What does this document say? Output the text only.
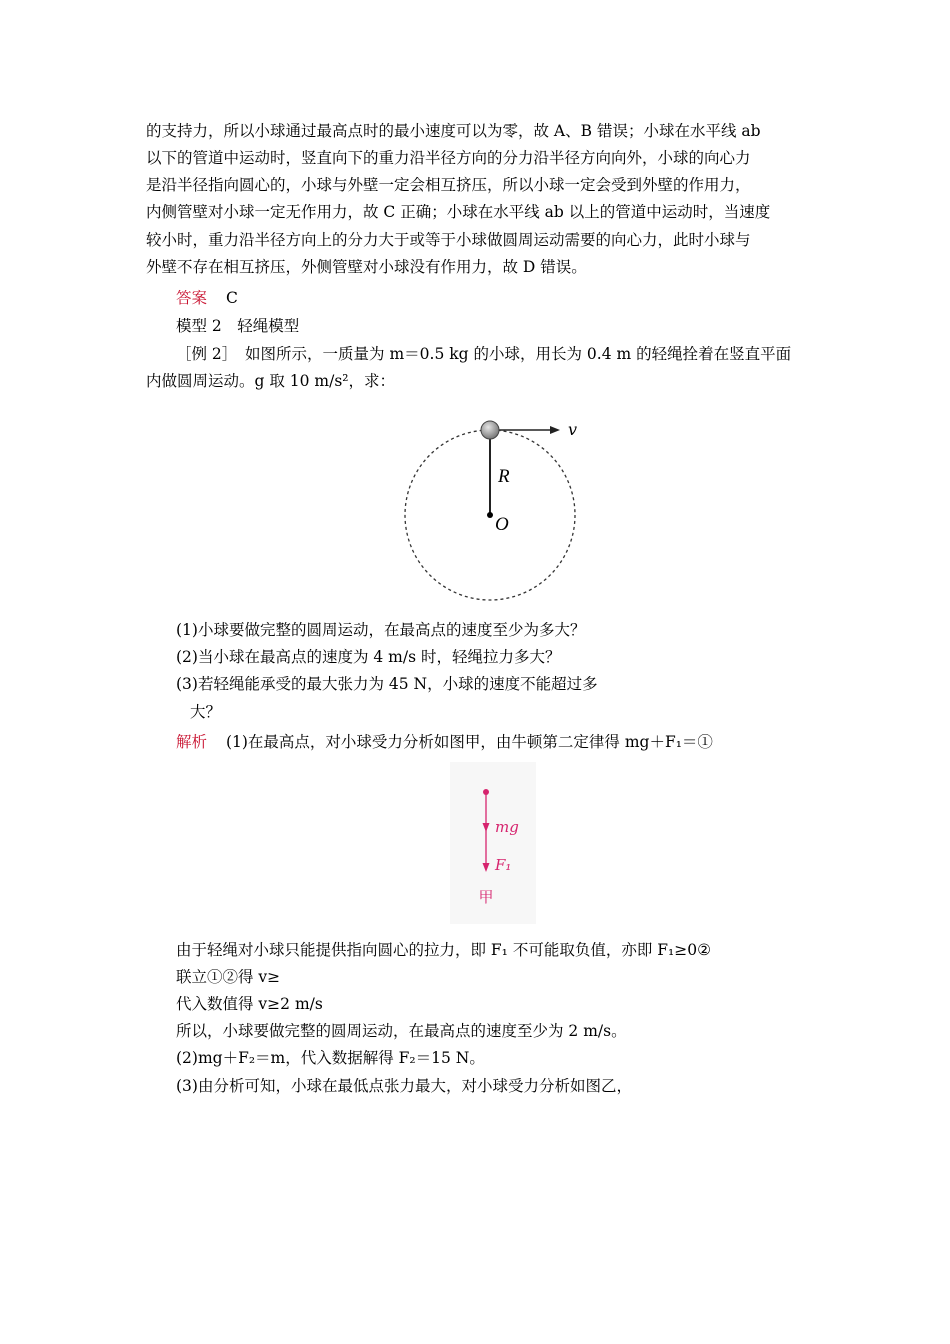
的支持力，所以小球通过最高点时的最小速度可以为零，故 A、B 错误；小球在水平线 ab
以下的管道中运动时，竖直向下的重力沿半径方向的分力沿半径方向向外，小球的向心力
是沿半径指向圆心的，小球与外壁一定会相互挤压，所以小球一定会受到外壁的作用力，
内侧管壁对小球一定无作用力，故 C 正确；小球在水平线 ab 以上的管道中运动时，当速度
较小时，重力沿半径方向上的分力大于或等于小球做圆周运动需要的向心力，此时小球与
外壁不存在相互挤压，外侧管壁对小球没有作用力，故 D 错误。
答案 C
模型 2　轻绳模型
［例 2］　如图所示，一质量为 m＝0.5 kg 的小球，用长为 0.4 m 的轻绳拴着在竖直平面
内做圆周运动。g 取 10 m/s²，求：
v
R
O
(1)小球要做完整的圆周运动，在最高点的速度至少为多大？
(2)当小球在最高点的速度为 4 m/s 时，轻绳拉力多大？
(3)若轻绳能承受的最大张力为 45 N，小球的速度不能超过多
大？
解析 (1)在最高点，对小球受力分析如图甲，由牛顿第二定律得 mg＋F₁＝①
mg
F₁
甲
由于轻绳对小球只能提供指向圆心的拉力，即 F₁ 不可能取负值，亦即 F₁≥0②
联立①②得 v≥
代入数值得 v≥2 m/s
所以，小球要做完整的圆周运动，在最高点的速度至少为 2 m/s。
(2)mg＋F₂＝m，代入数据解得 F₂＝15 N。
(3)由分析可知，小球在最低点张力最大，对小球受力分析如图乙，
